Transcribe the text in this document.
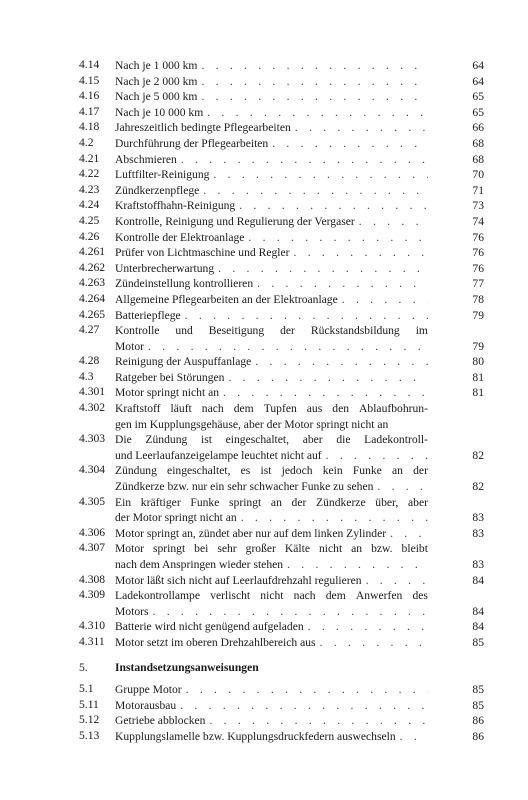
4.14	Nach je 1 000 km . . .	64
4.15	Nach je 2 000 km . . .	64
4.16	Nach je 5 000 km . . .	65
4.17	Nach je 10 000 km . . .	65
4.18	Jahreszeitlich bedingte Pflegearbeiten . . .	66
4.2	Durchführung der Pflegearbeiten . . .	68
4.21	Abschmieren . . .	68
4.22	Luftfilter-Reinigung . . .	70
4.23	Zündkerzenpflege . . .	71
4.24	Kraftstoffhahn-Reinigung . . .	73
4.25	Kontrolle, Reinigung und Regulierung der Vergaser . . .	74
4.26	Kontrolle der Elektroanlage . . .	76
4.261 Prüfer von Lichtmaschine und Regler . . .	76
4.262 Unterbrecherwartung . . .	76
4.263 Zündeinstellung kontrollieren . . .	77
4.264 Allgemeine Pflegearbeiten an der Elektroanlage . . .	78
4.265 Batteriepflege . . .	79
4.27	Kontrolle und Beseitigung der Rückstandsbildung im
Motor . . .	79
4.28	Reinigung der Auspuffanlage . . .	80
4.3	Ratgeber bei Störungen . . .	81
4.301 Motor springt nicht an . . .	81
4.302 Kraftstoff läuft nach dem Tupfen aus den Ablaufbohrun-
gen im Kupplungsgehäuse, aber der Motor springt nicht an
4.303 Die Zündung ist eingeschaltet, aber die Ladekontroll-
und Leerlaufanzeigelampe leuchtet nicht auf . . .	82
4.304 Zündung eingeschaltet, es ist jedoch kein Funke an der
Zündkerze bzw. nur ein sehr schwacher Funke zu sehen . . .	82
4.305 Ein kräftiger Funke springt an der Zündkerze über, aber
der Motor springt nicht an . . .	83
4.306 Motor springt an, zündet aber nur auf dem linken Zylinder . . .	83
4.307 Motor springt bei sehr großer Kälte nicht an bzw. bleibt
nach dem Anspringen wieder stehen . . .	83
4.308 Motor läßt sich nicht auf Leerlaufdrehzahl regulieren . . .	84
4.309 Ladekontrollampe verlischt nicht nach dem Anwerfen des
Motors . . .	84
4.310 Batterie wird nicht genügend aufgeladen . . .	84
4.311 Motor setzt im oberen Drehzahlbereich aus . . .	85
5. Instandsetzungsanweisungen
5.1	Gruppe Motor . . .	85
5.11	Motorausbau . . .	85
5.12	Getriebe abblocken . . .	86
5.13	Kupplungslamelle bzw. Kupplungsdruckfedern auswechseln . . .	86
